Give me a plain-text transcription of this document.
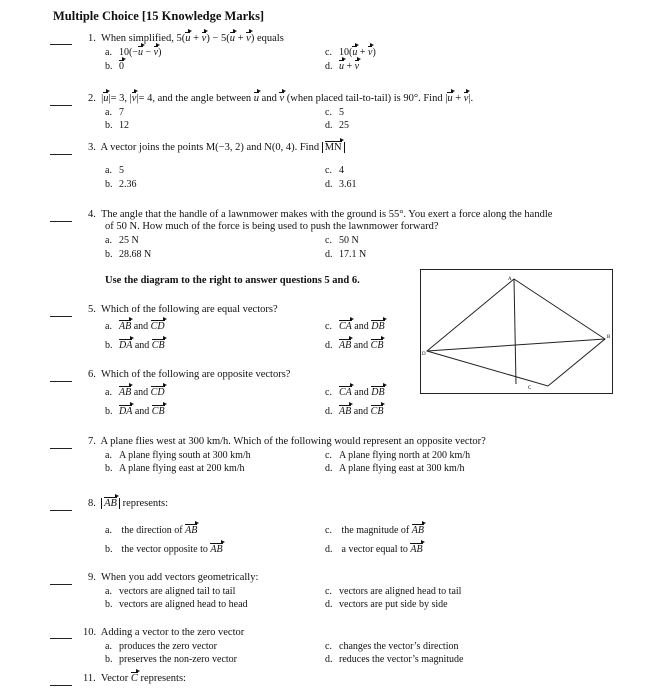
Multiple Choice [15 Knowledge Marks]
1. When simplified, 5(u + v) − 5(u + v) equals
a. 10(−u − v)
b. 0
c. 10(u + v)
d. u + v
2.  |u|= 3, |v|= 4, and the angle between u and v (when placed tail-to-tail) is 90°. Find |u + v|.
a. 7
b. 12
c. 5
d. 25
3. A vector joins the points M(−3, 2) and N(0, 4). Find MN
a. 5
b. 2.36
c. 4
d. 3.61
4. The angle that the handle of a lawnmower makes with the ground is 55°. You exert a force along the handle
of 50 N. How much of the force is being used to push the lawnmower forward?
a. 25 N
b. 28.68 N
c. 50 N
d. 17.1 N
Use the diagram to the right to answer questions 5 and 6.	A
B
C
D
5. Which of the following are equal vectors?
a. AB and CD
b. DA and CB
c. CA and DB
d. AB and CB
6. Which of the following are opposite vectors?
a. AB and CD
b. DA and CB
c. CA and DB
d. AB and CB
7. A plane flies west at 300 km/h. Which of the following would represent an opposite vector?
a. A plane flying south at 300 km/h
b. A plane flying east at 200 km/h
c. A plane flying north at 200 km/h
d. A plane flying east at 300 km/h
8. AB represents:
a. the direction of AB
b. the vector opposite to AB
c. the magnitude of AB
d. a vector equal to AB
9. When you add vectors geometrically:
a. vectors are aligned tail to tail
b. vectors are aligned head to head
c. vectors are aligned head to tail
d. vectors are put side by side
10. Adding a vector to the zero vector
a. produces the zero vector
b. preserves the non-zero vector
c. changes the vector’s direction
d. reduces the vector’s magnitude
11. Vector C represents:
